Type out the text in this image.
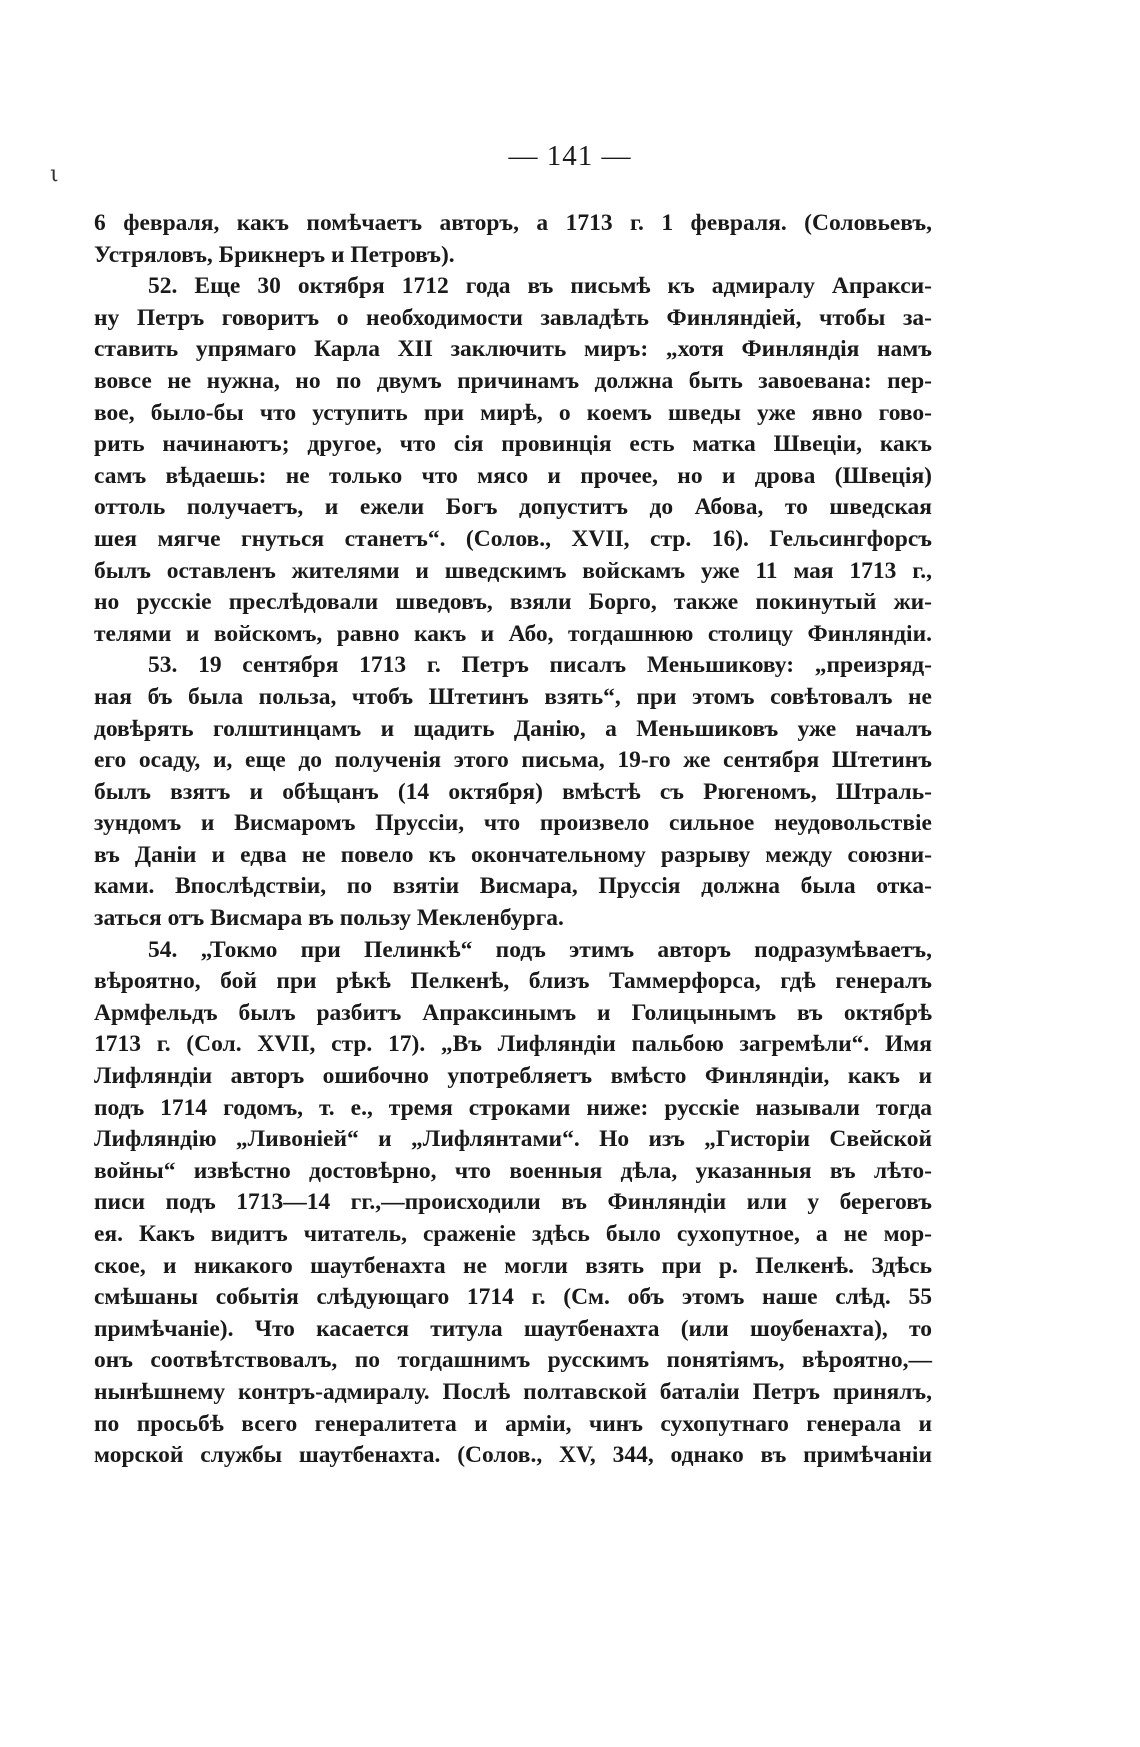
ι
— 141 —
6 февраля, какъ помѣчаетъ авторъ, а 1713 г. 1 февраля. (Соловьевъ,
Устряловъ, Брикнеръ и Петровъ).
52. Еще 30 октября 1712 года въ письмѣ къ адмиралу Апракси-
ну Петръ говоритъ о необходимости завладѣть Финляндіей, чтобы за-
ставить упрямаго Карла XII заключить миръ: „хотя Финляндія намъ
вовсе не нужна, но по двумъ причинамъ должна быть завоевана: пер-
вое, было-бы что уступить при мирѣ, о коемъ шведы уже явно гово-
рить начинаютъ; другое, что сія провинція есть матка Швеціи, какъ
самъ вѣдаешь: не только что мясо и прочее, но и дрова (Швеція)
оттоль получаетъ, и ежели Богъ допуститъ до Абова, то шведская
шея мягче гнуться станетъ“. (Солов., XVII, стр. 16). Гельсингфорсъ
былъ оставленъ жителями и шведскимъ войскамъ уже 11 мая 1713 г.,
но русскіе преслѣдовали шведовъ, взяли Борго, также покинутый жи-
телями и войскомъ, равно какъ и Або, тогдашнюю столицу Финляндіи.
53. 19 сентября 1713 г. Петръ писалъ Меньшикову: „преизряд-
ная бъ была польза, чтобъ Штетинъ взять“, при этомъ совѣтовалъ не
довѣрять голштинцамъ и щадить Данію, а Меньшиковъ уже началъ
его осаду, и, еще до полученія этого письма, 19-го же сентября Штетинъ
былъ взятъ и обѣщанъ (14 октября) вмѣстѣ съ Рюгеномъ, Штраль-
зундомъ и Висмаромъ Пруссіи, что произвело сильное неудовольствіе
въ Даніи и едва не повело къ окончательному разрыву между союзни-
ками. Впослѣдствіи, по взятіи Висмара, Пруссія должна была отка-
заться отъ Висмара въ пользу Мекленбурга.
54. „Токмо при Пелинкѣ“ подъ этимъ авторъ подразумѣваетъ,
вѣроятно, бой при рѣкѣ Пелкенѣ, близъ Таммерфорса, гдѣ генералъ
Армфельдъ былъ разбитъ Апраксинымъ и Голицынымъ въ октябрѣ
1713 г. (Сол. XVII, стр. 17). „Въ Лифляндіи пальбою загремѣли“. Имя
Лифляндіи авторъ ошибочно употребляетъ вмѣсто Финляндіи, какъ и
подъ 1714 годомъ, т. е., тремя строками ниже: русскіе называли тогда
Лифляндію „Ливоніей“ и „Лифлянтами“. Но изъ „Гисторіи Свейской
войны“ извѣстно достовѣрно, что военныя дѣла, указанныя въ лѣто-
писи подъ 1713—14 гг.,—происходили въ Финляндіи или у береговъ
ея. Какъ видитъ читатель, сраженіе здѣсь было сухопутное, а не мор-
ское, и никакого шаутбенахта не могли взять при р. Пелкенѣ. Здѣсь
смѣшаны событія слѣдующаго 1714 г. (См. объ этомъ наше слѣд. 55
примѣчаніе). Что касается титула шаутбенахта (или шоубенахта), то
онъ соотвѣтствовалъ, по тогдашнимъ русскимъ понятіямъ, вѣроятно,—
нынѣшнему контръ-адмиралу. Послѣ полтавской баталіи Петръ принялъ,
по просьбѣ всего генералитета и арміи, чинъ сухопутнаго генерала и
морской службы шаутбенахта. (Солов., XV, 344, однако въ примѣчаніи
